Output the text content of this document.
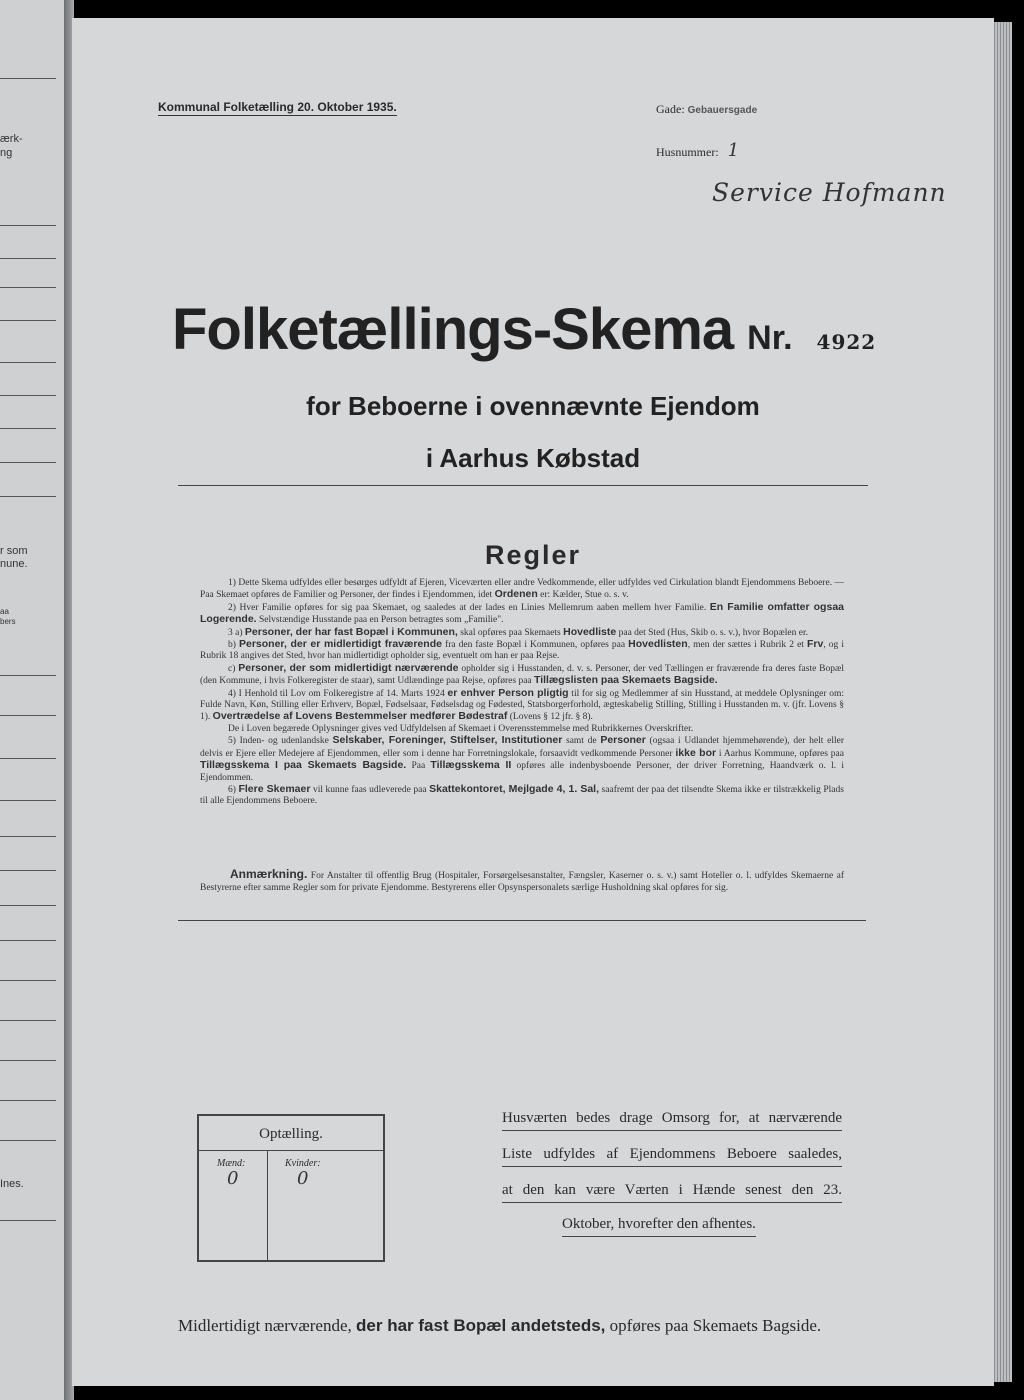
ærk-
ng
r som
nune.
aa
bers
Ines.
Kommunal Folketælling 20. Oktober 1935.	Gade: Gebauersgade
Husnummer: 1
Service Hofmann
Folketællings-Skema Nr. 4922
for Beboerne i ovennævnte Ejendom
i Aarhus Købstad
Regler

1) Dette Skema udfyldes eller besørges udfyldt af Ejeren, Viceværten eller andre Vedkommende, eller udfyldes ved Cirkulation blandt Ejendommens Beboere. — Paa Skemaet opføres de Familier og Personer, der findes i Ejendommen, idet Ordenen er: Kælder, Stue o. s. v.

2) Hver Familie opføres for sig paa Skemaet, og saaledes at der lades en Linies Mellemrum aaben mellem hver Familie. En Familie omfatter ogsaa Logerende. Selvstændige Husstande paa en Person betragtes som „Familie".

3 a) Personer, der har fast Bopæl i Kommunen, skal opføres paa Skemaets Hovedliste paa det Sted (Hus, Skib o. s. v.), hvor Bopælen er.

b) Personer, der er midlertidigt fraværende fra den faste Bopæl i Kommunen, opføres paa Hovedlisten, men der sættes i Rubrik 2 et Frv, og i Rubrik 18 angives det Sted, hvor han midlertidigt opholder sig, eventuelt om han er paa Rejse.

c) Personer, der som midlertidigt nærværende opholder sig i Husstanden, d. v. s. Personer, der ved Tællingen er fraværende fra deres faste Bopæl (den Kommune, i hvis Folkeregister de staar), samt Udlændinge paa Rejse, opføres paa Tillægslisten paa Skemaets Bagside.

4) I Henhold til Lov om Folkeregistre af 14. Marts 1924 er enhver Person pligtig til for sig og Medlemmer af sin Husstand, at meddele Oplysninger om: Fulde Navn, Køn, Stilling eller Erhverv, Bopæl, Fødselsaar, Fødselsdag og Fødested, Statsborgerforhold, ægteskabelig Stilling, Stilling i Husstanden m. v. (jfr. Lovens § 1). Overtrædelse af Lovens Bestemmelser medfører Bødestraf (Lovens § 12 jfr. § 8).

De i Loven begærede Oplysninger gives ved Udfyldelsen af Skemaet i Overensstemmelse med Rubrikkernes Overskrifter.

5) Inden- og udenlandske Selskaber, Foreninger, Stiftelser, Institutioner samt de Personer (ogsaa i Udlandet hjemmehørende), der helt eller delvis er Ejere eller Medejere af Ejendommen, eller som i denne har Forretningslokale, forsaavidt vedkommende Personer ikke bor i Aarhus Kommune, opføres paa Tillægsskema I paa Skemaets Bagside. Paa Tillægsskema II opføres alle indenbysboende Personer, der driver Forretning, Haandværk o. l. i Ejendommen.

6) Flere Skemaer vil kunne faas udleverede paa Skattekontoret, Mejlgade 4, 1. Sal, saafremt der paa det tilsendte Skema ikke er tilstrækkelig Plads til alle Ejendommens Beboere.

Anmærkning. For Anstalter til offentlig Brug (Hospitaler, Forsørgelsesanstalter, Fængsler, Kaserner o. s. v.) samt Hoteller o. l. udfyldes Skemaerne af Bestyrerne efter samme Regler som for private Ejendomme. Bestyrerens eller Opsynspersonalets særlige Husholdning skal opføres for sig.
Optælling.
Mænd:
0
Kvinder:
0
Husværten bedes drage Omsorg for, at nærværende
Liste udfyldes af Ejendommens Beboere saaledes,
at den kan være Værten i Hænde senest den 23.
Oktober, hvorefter den afhentes.
Midlertidigt nærværende, der har fast Bopæl andetsteds, opføres paa Skemaets Bagside.
